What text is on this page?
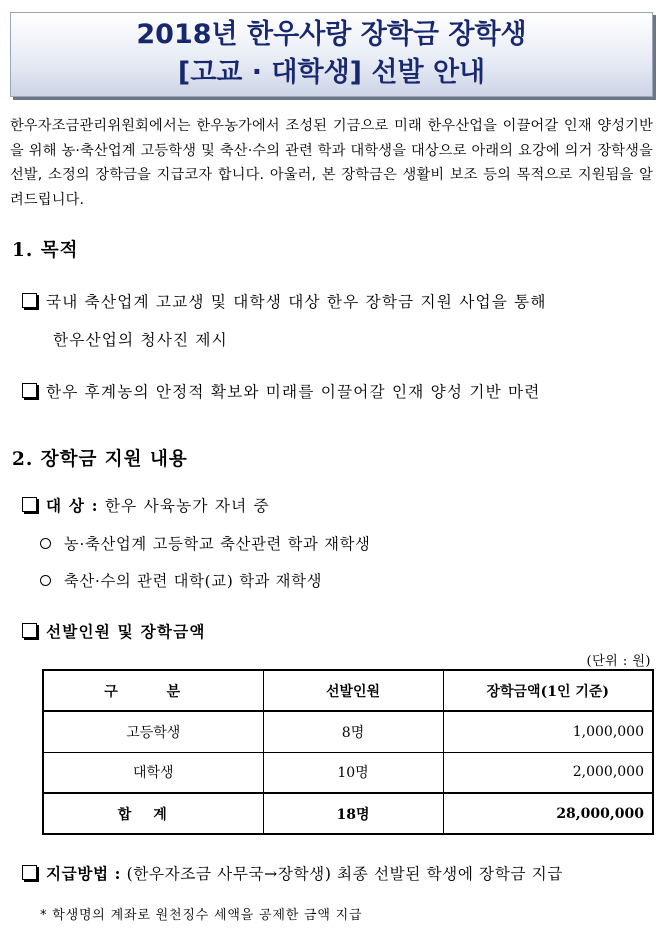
2018년 한우사랑 장학금 장학생
[고교 · 대학생] 선발 안내

한우자조금관리위원회에서는 한우농가에서 조성된 기금으로 미래 한우산업을 이끌어갈 인재 양성기반을 위해 농·축산업계 고등학생 및 축산·수의 관련 학과 대학생을 대상으로 아래의 요강에 의거 장학생을 선발, 소정의 장학금을 지급코자 합니다. 아울러, 본 장학금은 생활비 보조 등의 목적으로 지원됨을 알려드립니다.

1. 목적
국내 축산업계 고교생 및 대학생 대상 한우 장학금 지원 사업을 통해
한우산업의 청사진 제시
한우 후계농의 안정적 확보와 미래를 이끌어갈 인재 양성 기반 마련
2. 장학금 지원 내용
대 상 : 한우 사육농가 자녀 중
농·축산업계 고등학교 축산관련 학과 재학생
축산·수의 관련 대학(교) 학과 재학생
선발인원 및 장학금액
(단위 : 원)
구 분	선발인원	장학금액(1인 기준)
고등학생	8명	1,000,000
대학생	10명	2,000,000
합계	18명	28,000,000
지급방법 : (한우자조금 사무국→장학생) 최종 선발된 학생에 장학금 지급
* 학생명의 계좌로 원천징수 세액을 공제한 금액 지급
